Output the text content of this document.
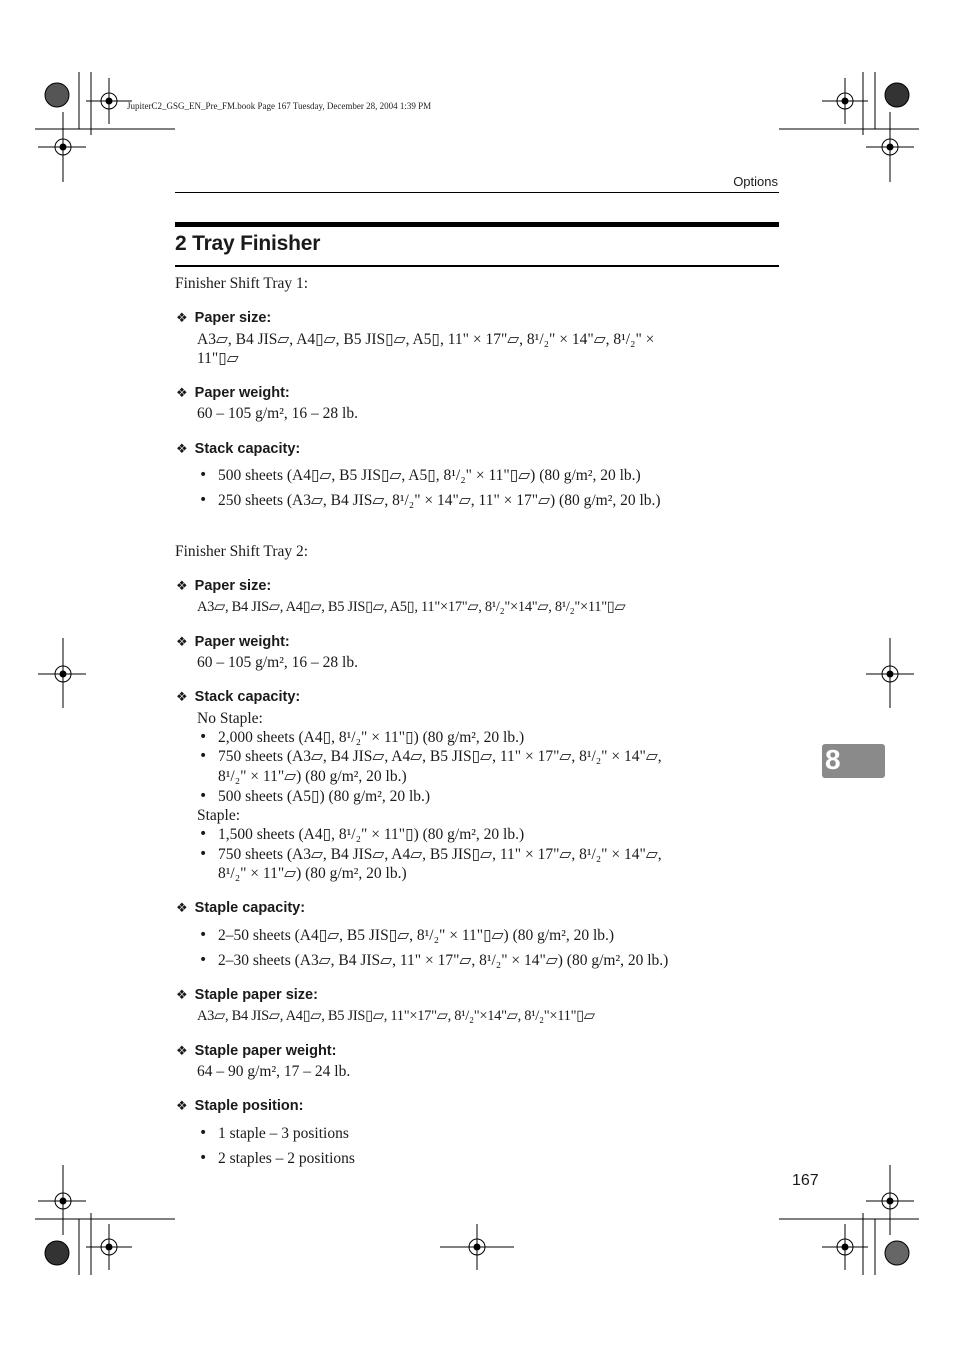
JupiterC2_GSG_EN_Pre_FM.book Page 167 Tuesday, December 28, 2004 1:39 PM
Options
2 Tray Finisher
Finisher Shift Tray 1:
❖ Paper size:
A3▱, B4 JIS▱, A4▯▱, B5 JIS▯▱, A5▯, 11" × 17"▱, 8¹/₂" × 14"▱, 8¹/₂" ×
11"▯▱
❖ Paper weight:
60 – 105 g/m², 16 – 28 lb.
❖ Stack capacity:
• 500 sheets (A4▯▱, B5 JIS▯▱, A5▯, 8¹/₂" × 11"▯▱) (80 g/m², 20 lb.)
• 250 sheets (A3▱, B4 JIS▱, 8¹/₂" × 14"▱, 11" × 17"▱) (80 g/m², 20 lb.)
Finisher Shift Tray 2:
❖ Paper size:
A3▱, B4 JIS▱, A4▯▱, B5 JIS▯▱, A5▯, 11"×17"▱, 8¹/₂"×14"▱, 8¹/₂"×11"▯▱
❖ Paper weight:
60 – 105 g/m², 16 – 28 lb.
❖ Stack capacity:
No Staple:
• 2,000 sheets (A4▯, 8¹/₂" × 11"▯) (80 g/m², 20 lb.)
• 750 sheets (A3▱, B4 JIS▱, A4▱, B5 JIS▯▱, 11" × 17"▱, 8¹/₂" × 14"▱,
8¹/₂" × 11"▱) (80 g/m², 20 lb.)
• 500 sheets (A5▯) (80 g/m², 20 lb.)
Staple:
• 1,500 sheets (A4▯, 8¹/₂" × 11"▯) (80 g/m², 20 lb.)
• 750 sheets (A3▱, B4 JIS▱, A4▱, B5 JIS▯▱, 11" × 17"▱, 8¹/₂" × 14"▱,
8¹/₂" × 11"▱) (80 g/m², 20 lb.)
❖ Staple capacity:
• 2–50 sheets (A4▯▱, B5 JIS▯▱, 8¹/₂" × 11"▯▱) (80 g/m², 20 lb.)
• 2–30 sheets (A3▱, B4 JIS▱, 11" × 17"▱, 8¹/₂" × 14"▱) (80 g/m², 20 lb.)
❖ Staple paper size:
A3▱, B4 JIS▱, A4▯▱, B5 JIS▯▱, 11"×17"▱, 8¹/₂"×14"▱, 8¹/₂"×11"▯▱
❖ Staple paper weight:
64 – 90 g/m², 17 – 24 lb.
❖ Staple position:
• 1 staple – 3 positions
• 2 staples – 2 positions
8
167
